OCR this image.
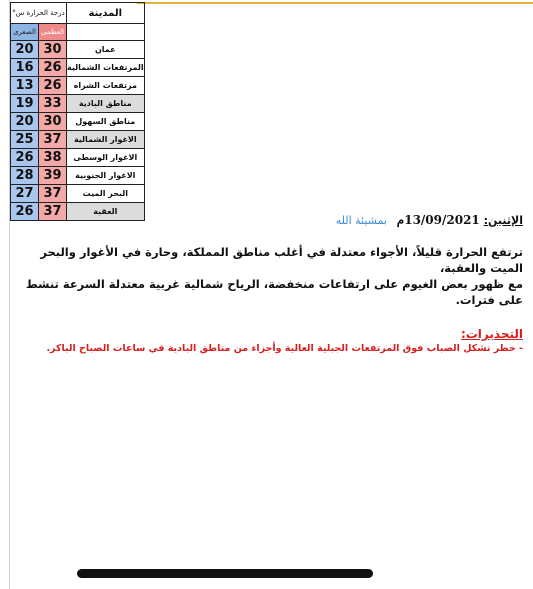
المدينة	درجة الحرارة س°	
	العظمى	الصغرى
عمان	30	20
المرتفعات الشمالية	26	16
مرتفعات الشراه	26	13
مناطق البادية	33	19
مناطق السهول	30	20
الاغوار الشمالية	37	25
الاغوار الوسطى	38	26
الاغوار الجنوبية	39	28
البحر الميت	37	27
العقبة	37	26
الإثنين: 13/09/2021م بمشيئة الله
ترتفع الحرارة قليلاً، الأجواء معتدلة في أغلب مناطق المملكة، وحارة في الأغوار والبحر الميت والعقبة،
مع ظهور بعض الغيوم على ارتفاعات منخفضة، الرياح شمالية غربية معتدلة السرعة تنشط على فترات.
التحذيرات:
- خطر تشكل الضباب فوق المرتفعات الجبلية العالية وأجزاء من مناطق البادية في ساعات الصباح الباكر.
